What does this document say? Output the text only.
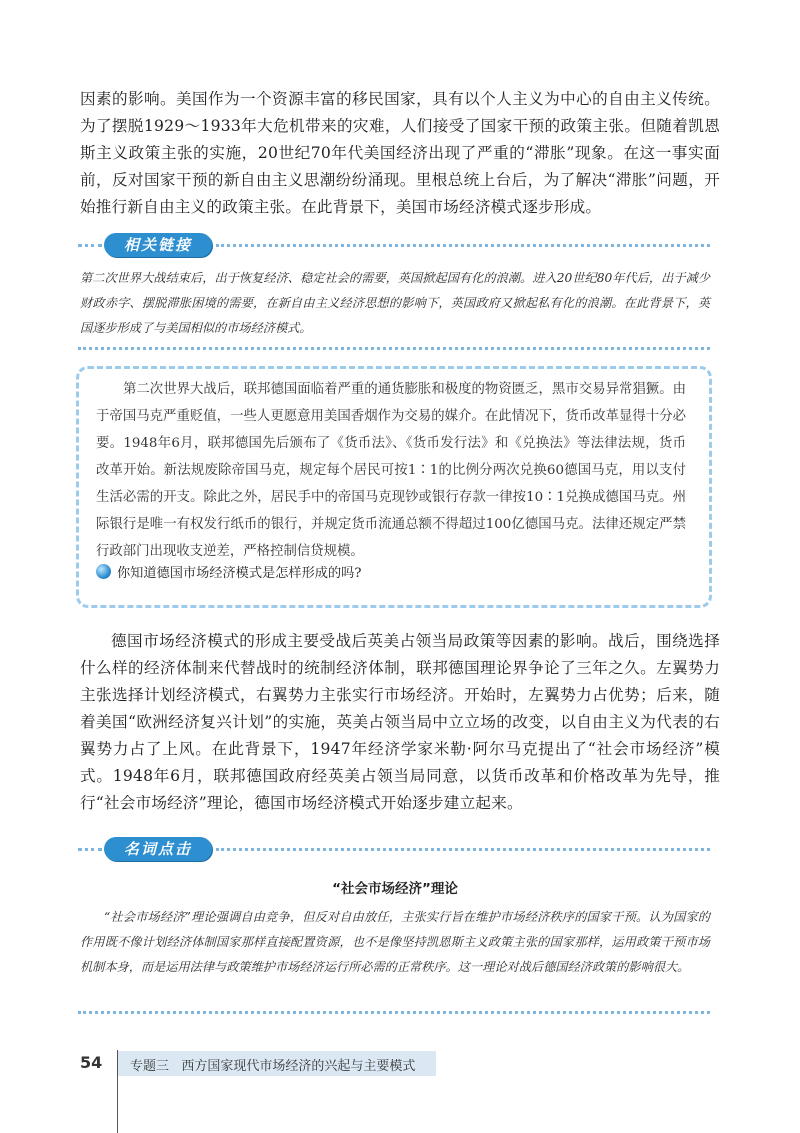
因素的影响。美国作为一个资源丰富的移民国家，具有以个人主义为中心的自由主义传统。为了摆脱1929～1933年大危机带来的灾难，人们接受了国家干预的政策主张。但随着凯恩斯主义政策主张的实施，20世纪70年代美国经济出现了严重的“滞胀”现象。在这一事实面前，反对国家干预的新自由主义思潮纷纷涌现。里根总统上台后，为了解决“滞胀”问题，开始推行新自由主义的政策主张。在此背景下，美国市场经济模式逐步形成。

相关链接

第二次世界大战结束后，出于恢复经济、稳定社会的需要，英国掀起国有化的浪潮。进入20世纪80年代后，出于减少财政赤字、摆脱滞胀困境的需要，在新自由主义经济思想的影响下，英国政府又掀起私有化的浪潮。在此背景下，英国逐步形成了与美国相似的市场经济模式。

第二次世界大战后，联邦德国面临着严重的通货膨胀和极度的物资匮乏，黑市交易异常猖獗。由于帝国马克严重贬值，一些人更愿意用美国香烟作为交易的媒介。在此情况下，货币改革显得十分必要。1948年6月，联邦德国先后颁布了《货币法》、《货币发行法》和《兑换法》等法律法规，货币改革开始。新法规废除帝国马克，规定每个居民可按1∶1的比例分两次兑换60德国马克，用以支付生活必需的开支。除此之外，居民手中的帝国马克现钞或银行存款一律按10∶1兑换成德国马克。州际银行是唯一有权发行纸币的银行，并规定货币流通总额不得超过100亿德国马克。法律还规定严禁行政部门出现收支逆差，严格控制信贷规模。

你知道德国市场经济模式是怎样形成的吗?

德国市场经济模式的形成主要受战后英美占领当局政策等因素的影响。战后，围绕选择什么样的经济体制来代替战时的统制经济体制，联邦德国理论界争论了三年之久。左翼势力主张选择计划经济模式，右翼势力主张实行市场经济。开始时，左翼势力占优势；后来，随着美国“欧洲经济复兴计划”的实施，英美占领当局中立立场的改变，以自由主义为代表的右翼势力占了上风。在此背景下，1947年经济学家米勒·阿尔马克提出了“社会市场经济”模式。1948年6月，联邦德国政府经英美占领当局同意，以货币改革和价格改革为先导，推行“社会市场经济”理论，德国市场经济模式开始逐步建立起来。

名词点击
“社会市场经济”理论

“社会市场经济”理论强调自由竞争，但反对自由放任，主张实行旨在维护市场经济秩序的国家干预。认为国家的作用既不像计划经济体制国家那样直接配置资源，也不是像坚持凯恩斯主义政策主张的国家那样，运用政策干预市场机制本身，而是运用法律与政策维护市场经济运行所必需的正常秩序。这一理论对战后德国经济政策的影响很大。

54 专题三 西方国家现代市场经济的兴起与主要模式
